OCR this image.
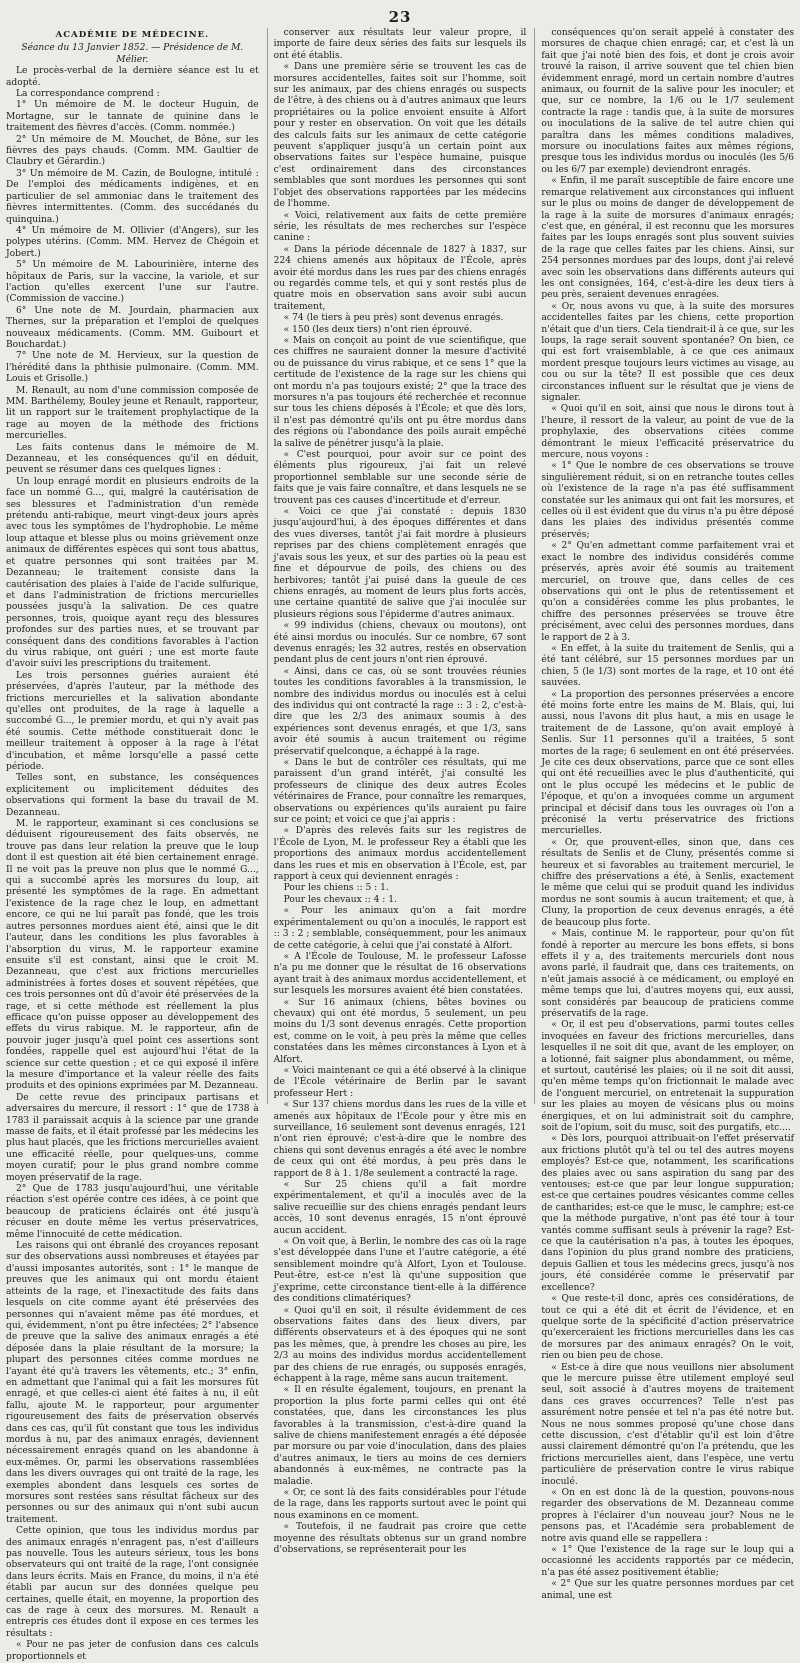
23

ACADÉMIE DE MÉDECINE.

Séance du 13 Janvier 1852. — Présidence de M. Mélier.

Le procès-verbal de la dernière séance est lu et adopté.

La correspondance comprend :

1° Un mémoire de M. le docteur Huguin, de Mortagne, sur le tannate de quinine dans le traitement des fièvres d'accès. (Comm. nommée.)

2° Un mémoire de M. Mouchet, de Bône, sur les fièvres des pays chauds. (Comm. MM. Gaultier de Claubry et Gérardin.)

3° Un mémoire de M. Cazin, de Boulogne, intitulé : De l'emploi des médicaments indigènes, et en particulier de sel ammoniac dans le traitement des fièvres intermittentes. (Comm. des succédanés du quinquina.)

4° Un mémoire de M. Ollivier (d'Angers), sur les polypes utérins. (Comm. MM. Hervez de Chégoin et Jobert.)

5° Un mémoire de M. Labourinière, interne des hôpitaux de Paris, sur la vaccine, la variole, et sur l'action qu'elles exercent l'une sur l'autre. (Commission de vaccine.)

6° Une note de M. Jourdain, pharmacien aux Thernes, sur la préparation et l'emploi de quelques nouveaux médicaments. (Comm. MM. Guibourt et Bouchardat.)

7° Une note de M. Hervieux, sur la question de l'hérédité dans la phthisie pulmonaire. (Comm. MM. Louis et Grisolle.)

M. Renault, au nom d'une commission composée de MM. Barthélemy, Bouley jeune et Renault, rapporteur, lit un rapport sur le traitement prophylactique de la rage au moyen de la méthode des frictions mercurielles.

Les faits contenus dans le mémoire de M. Dezanneau, et les conséquences qu'il en déduit, peuvent se résumer dans ces quelques lignes :

Un loup enragé mordit en plusieurs endroits de la face un nommé G..., qui, malgré la cautérisation de ses blessures et l'administration d'un remède prétendu anti-rabique, meurt vingt-deux jours après avec tous les symptômes de l'hydrophobie. Le même loup attaque et blesse plus ou moins grièvement onze animaux de différentes espèces qui sont tous abattus, et quatre personnes qui sont traitées par M. Dezanneau; le traitement consiste dans la cautérisation des plaies à l'aide de l'acide sulfurique, et dans l'administration de frictions mercurielles poussées jusqu'à la salivation. De ces quatre personnes, trois, quoique ayant reçu des blessures profondes sur des parties nues, et se trouvant par conséquent dans des conditions favorables à l'action du virus rabique, ont guéri ; une est morte faute d'avoir suivi les prescriptions du traitement.

Les trois personnes guéries auraient été préservées, d'après l'auteur, par la méthode des frictions mercurielles et la salivation abondante qu'elles ont produites, de la rage à laquelle a succombé G..., le premier mordu, et qui n'y avait pas été soumis. Cette méthode constituerait donc le meilleur traitement à opposer à la rage à l'état d'incubation, et même lorsqu'elle a passé cette période.

Telles sont, en substance, les conséquences explicitement ou implicitement déduites des observations qui forment la base du travail de M. Dezanneau.

M. le rapporteur, examinant si ces conclusions se déduisent rigoureusement des faits observés, ne trouve pas dans leur relation la preuve que le loup dont il est question ait été bien certainement enragé. Il ne voit pas la preuve non plus que le nommé G..., qui a succombé après les morsures du loup, ait présenté les symptômes de la rage. En admettant l'existence de la rage chez le loup, en admettant encore, ce qui ne lui paraît pas fondé, que les trois autres personnes mordues aient été, ainsi que le dit l'auteur, dans les conditions les plus favorables à l'absorption du virus, M. le rapporteur examine ensuite s'il est constant, ainsi que le croit M. Dezanneau, que c'est aux frictions mercurielles administrées à fortes doses et souvent répétées, que ces trois personnes ont dû d'avoir été préservées de la rage, et si cette méthode est réellement la plus efficace qu'on puisse opposer au développement des effets du virus rabique. M. le rapporteur, afin de pouvoir juger jusqu'à quel point ces assertions sont fondées, rappelle quel est aujourd'hui l'état de la science sur cette question ; et ce qui exposé il infère la mesure d'importance et la valeur réelle des faits produits et des opinions exprimées par M. Dezanneau.

De cette revue des principaux partisans et adversaires du mercure, il ressort : 1° que de 1738 à 1783 il paraissait acquis à la science par une grande masse de faits, et il était professé par les médecins les plus haut placés, que les frictions mercurielles avaient une efficacité réelle, pour quelques-uns, comme moyen curatif; pour le plus grand nombre comme moyen préservatif de la rage.

2° Que de 1783 jusqu'aujourd'hui, une véritable réaction s'est opérée contre ces idées, à ce point que beaucoup de praticiens éclairés ont été jusqu'à récuser en doute même les vertus préservatrices, même l'innocuité de cette médication.

Les raisons qui ont ébranlé des croyances reposant sur des observations aussi nombreuses et étayées par d'aussi imposantes autorités, sont : 1° le manque de preuves que les animaux qui ont mordu étaient atteints de la rage, et l'inexactitude des faits dans lesquels on cite comme ayant été préservées des personnes qui n'avaient même pas été mordues, et qui, évidemment, n'ont pu être infectées; 2° l'absence de preuve que la salive des animaux enragés a été déposée dans la plaie résultant de la morsure; la plupart des personnes citées comme mordues ne l'ayant été qu'à travers les vêtements, etc.; 3° enfin, en admettant que l'animal qui a fait les morsures fût enragé, et que celles-ci aient été faites à nu, il eût fallu, ajoute M. le rapporteur, pour argumenter rigoureusement des faits de préservation observés dans ces cas, qu'il fût constant que tous les individus mordus à nu, par des animaux enragés, deviennent nécessairement enragés quand on les abandonne à eux-mêmes. Or, parmi les observations rassemblées dans les divers ouvrages qui ont traité de la rage, les exemples abondent dans lesquels ces sortes de morsures sont restées sans résultat fâcheux sur des personnes ou sur des animaux qui n'ont subi aucun traitement.

Cette opinion, que tous les individus mordus par des animaux enragés n'enragent pas, n'est d'ailleurs pas nouvelle. Tous les auteurs sérieux, tous les bons observateurs qui ont traité de la rage, l'ont consignée dans leurs écrits. Mais en France, du moins, il n'a été établi par aucun sur des données quelque peu certaines, quelle était, en moyenne, la proportion des cas de rage à ceux des morsures. M. Renault a entrepris ces études dont il expose en ces termes les résultats :

« Pour ne pas jeter de confusion dans ces calculs proportionnels et

conserver aux résultats leur valeur propre, il importe de faire deux séries des faits sur lesquels ils ont été établis.

« Dans une première série se trouvent les cas de morsures accidentelles, faites soit sur l'homme, soit sur les animaux, par des chiens enragés ou suspects de l'être, à des chiens ou à d'autres animaux que leurs propriétaires ou la police envoient ensuite à Alfort pour y rester en observation. On voit que les détails des calculs faits sur les animaux de cette catégorie peuvent s'appliquer jusqu'à un certain point aux observations faites sur l'espèce humaine, puisque c'est ordinairement dans des circonstances semblables que sont mordues les personnes qui sont l'objet des observations rapportées par les médecins de l'homme.

« Voici, relativement aux faits de cette première série, les résultats de mes recherches sur l'espèce canine :

« Dans la période décennale de 1827 à 1837, sur 224 chiens amenés aux hôpitaux de l'École, après avoir été mordus dans les rues par des chiens enragés ou regardés comme tels, et qui y sont restés plus de quatre mois en observation sans avoir subi aucun traitement,

« 74 (le tiers à peu près) sont devenus enragés.

« 150 (les deux tiers) n'ont rien éprouvé.

« Mais on conçoit au point de vue scientifique, que ces chiffres ne sauraient donner la mesure d'activité ou de puissance du virus rabique, et ce sens 1° que la certitude de l'existence de la rage sur les chiens qui ont mordu n'a pas toujours existé; 2° que la trace des morsures n'a pas toujours été recherchée et reconnue sur tous les chiens déposés à l'École; et que dès lors, il n'est pas démontré qu'ils ont pu être mordus dans des régions où l'abondance des poils aurait empêché la salive de pénétrer jusqu'à la plaie.

« C'est pourquoi, pour avoir sur ce point des éléments plus rigoureux, j'ai fait un relevé proportionnel semblable sur une seconde série de faits que je vais faire connaître, et dans lesquels ne se trouvent pas ces causes d'incertitude et d'erreur.

« Voici ce que j'ai constaté : depuis 1830 jusqu'aujourd'hui, à des époques différentes et dans des vues diverses, tantôt j'ai fait mordre à plusieurs reprises par des chiens complètement enragés que j'avais sous les yeux, et sur des parties où la peau est fine et dépourvue de poils, des chiens ou des herbivores; tantôt j'ai puisé dans la gueule de ces chiens enragés, au moment de leurs plus forts accès, une certaine quantité de salive que j'ai inoculée sur plusieurs régions sous l'épiderme d'autres animaux.

« 99 individus (chiens, chevaux ou moutons), ont été ainsi mordus ou inoculés. Sur ce nombre, 67 sont devenus enragés; les 32 autres, restés en observation pendant plus de cent jours n'ont rien éprouvé.

« Ainsi, dans ce cas, où se sont trouvées réunies toutes les conditions favorables à la transmission, le nombre des individus mordus ou inoculés est à celui des individus qui ont contracté la rage :: 3 : 2, c'est-à-dire que les 2/3 des animaux soumis à des expériences sont devenus enragés, et que 1/3, sans avoir été soumis à aucun traitement ou régime préservatif quelconque, a échappé à la rage.

« Dans le but de contrôler ces résultats, qui me paraissent d'un grand intérêt, j'ai consulté les professeurs de clinique des deux autres Écoles vétérinaires de France, pour connaître les remarques, observations ou expériences qu'ils auraient pu faire sur ce point; et voici ce que j'ai appris :

« D'après des relevés faits sur les registres de l'École de Lyon, M. le professeur Rey a établi que les proportions des animaux mordus accidentellement dans les rues et mis en observation à l'École, est, par rapport à ceux qui deviennent enragés :

Pour les chiens :: 5 : 1.

Pour les chevaux :: 4 : 1.

« Pour les animaux qu'on a fait mordre expérimentalement ou qu'on a inoculés, le rapport est :: 3 : 2 ; semblable, conséquemment, pour les animaux de cette catégorie, à celui que j'ai constaté à Alfort.

« A l'École de Toulouse, M. le professeur Lafosse n'a pu me donner que le résultat de 16 observations ayant trait à des animaux mordus accidentellement, et sur lesquels les morsures avaient été bien constatées.

« Sur 16 animaux (chiens, bêtes bovines ou chevaux) qui ont été mordus, 5 seulement, un peu moins du 1/3 sont devenus enragés. Cette proportion est, comme on le voit, à peu près la même que celles constatées dans les mêmes circonstances à Lyon et à Alfort.

« Voici maintenant ce qui a été observé à la clinique de l'École vétérinaire de Berlin par le savant professeur Hert :

« Sur 137 chiens mordus dans les rues de la ville et amenés aux hôpitaux de l'École pour y être mis en surveillance, 16 seulement sont devenus enragés, 121 n'ont rien éprouvé; c'est-à-dire que le nombre des chiens qui sont devenus enragés a été avec le nombre de ceux qui ont été mordus, à peu près dans le rapport de 8 à 1. 1/8e seulement a contracté la rage.

« Sur 25 chiens qu'il a fait mordre expérimentalement, et qu'il a inoculés avec de la salive recueillie sur des chiens enragés pendant leurs accès, 10 sont devenus enragés, 15 n'ont éprouvé aucun accident.

« On voit que, à Berlin, le nombre des cas où la rage s'est développée dans l'une et l'autre catégorie, a été sensiblement moindre qu'à Alfort, Lyon et Toulouse. Peut-être, est-ce n'est là qu'une supposition que j'exprime, cette circonstance tient-elle à la différence des conditions climatériques?

« Quoi qu'il en soit, il résulte évidemment de ces observations faites dans des lieux divers, par différents observateurs et à des époques qui ne sont pas les mêmes, que, à prendre les choses au pire, les 2/3 au moins des individus mordus accidentellement par des chiens de rue enragés, ou supposés enragés, échappent à la rage, même sans aucun traitement.

« Il en résulte également, toujours, en prenant la proportion la plus forte parmi celles qui ont été constatées, que, dans les circonstances les plus favorables à la transmission, c'est-à-dire quand la salive de chiens manifestement enragés a été déposée par morsure ou par voie d'inoculation, dans des plaies d'autres animaux, le tiers au moins de ces derniers abandonnés à eux-mêmes, ne contracte pas la maladie.

« Or, ce sont là des faits considérables pour l'étude de la rage, dans les rapports surtout avec le point qui nous examinons en ce moment.

« Toutefois, il ne faudrait pas croire que cette moyenne des résultats obtenus sur un grand nombre d'observations, se représenterait pour les

conséquences qu'on serait appelé à constater des morsures de chaque chien enragé; car, et c'est là un fait que j'ai noté bien des fois, et dont je crois avoir trouvé la raison, il arrive souvent que tel chien bien évidemment enragé, mord un certain nombre d'autres animaux, ou fournit de la salive pour les inoculer; et que, sur ce nombre, la 1/6 ou le 1/7 seulement contracte la rage : tandis que, à la suite de morsures ou inoculations de la salive de tel autre chien qui paraîtra dans les mêmes conditions maladives, morsure ou inoculations faites aux mêmes régions, presque tous les individus mordus ou inoculés (les 5/6 ou les 6/7 par exemple) deviendront enragés.

« Enfin, il me paraît susceptible de faire encore une remarque relativement aux circonstances qui influent sur le plus ou moins de danger de développement de la rage à la suite de morsures d'animaux enragés; c'est que, en général, il est reconnu que les morsures faites par les loups enragés sont plus souvent suivies de la rage que celles faites par les chiens. Ainsi, sur 254 personnes mordues par des loups, dont j'ai relevé avec soin les observations dans différents auteurs qui les ont consignées, 164, c'est-à-dire les deux tiers à peu près, seraient devenues enragées.

« Or, nous avons vu que, à la suite des morsures accidentelles faites par les chiens, cette proportion n'était que d'un tiers. Cela tiendrait-il à ce que, sur les loups, la rage serait souvent spontanée? On bien, ce qui est fort vraisemblable, à ce que ces animaux mordent presque toujours leurs victimes au visage, au cou ou sur la tête? Il est possible que ces deux circonstances influent sur le résultat que je viens de signaler.

« Quoi qu'il en soit, ainsi que nous le dirons tout à l'heure, il ressort de la valeur, au point de vue de la prophylaxie, des observations citées comme démontrant le mieux l'efficacité préservatrice du mercure, nous voyons :

« 1° Que le nombre de ces observations se trouve singulièrement réduit, si on en retranche toutes celles où l'existence de la rage n'a pas été suffisamment constatée sur les animaux qui ont fait les morsures, et celles où il est évident que du virus n'a pu être déposé dans les plaies des individus présentés comme préservés;

« 2° Qu'en admettant comme parfaitement vrai et exact le nombre des individus considérés comme préservés, après avoir été soumis au traitement mercuriel, on trouve que, dans celles de ces observations qui ont le plus de retentissement et qu'on a considérées comme les plus probantes, le chiffre des personnes préservées se trouve être précisément, avec celui des personnes mordues, dans le rapport de 2 à 3.

« En effet, à la suite du traitement de Senlis, qui a été tant célébré, sur 15 personnes mordues par un chien, 5 (le 1/3) sont mortes de la rage, et 10 ont été sauvées.

« La proportion des personnes préservées a encore été moins forte entre les mains de M. Blais, qui, lui aussi, nous l'avons dit plus haut, a mis en usage le traitement de de Lassone, qu'on avait employé à Senlis. Sur 11 personnes qu'il a traitées, 5 sont mortes de la rage; 6 seulement en ont été préservées. Je cite ces deux observations, parce que ce sont elles qui ont été recueillies avec le plus d'authenticité, qui ont le plus occupé les médecins et le public de l'époque, et qu'on a invoquées comme un argument principal et décisif dans tous les ouvrages où l'on a préconisé la vertu préservatrice des frictions mercurielles.

« Or, que prouvent-elles, sinon que, dans ces résultats de Senlis et de Cluny, présentés comme si heureux et si favorables au traitement mercuriel, le chiffre des préservations a été, à Senlis, exactement le même que celui qui se produit quand les individus mordus ne sont soumis à aucun traitement; et que, à Cluny, la proportion de ceux devenus enragés, a été de beaucoup plus forte.

« Mais, continue M. le rapporteur, pour qu'on fût fondé à reporter au mercure les bons effets, si bons effets il y a, des traitements mercuriels dont nous avons parlé, il faudrait que, dans ces traitements, on n'eût jamais associé à ce médicament, ou employé en même temps que lui, d'autres moyens qui, eux aussi, sont considérés par beaucoup de praticiens comme préservatifs de la rage.

« Or, il est peu d'observations, parmi toutes celles invoquées en faveur des frictions mercurielles, dans lesquelles il ne soit dit que, avant de les employer, on a lotionné, fait saigner plus abondamment, ou même, et surtout, cautérisé les plaies; où il ne soit dit aussi, qu'en même temps qu'on frictionnait le malade avec de l'onguent mercuriel, on entretenait la suppuration sur les plaies au moyen de vésicans plus ou moins énergiques, et on lui administrait soit du camphre, soit de l'opium, soit du musc, soit des purgatifs, etc....

« Dès lors, pourquoi attribuait-on l'effet préservatif aux frictions plutôt qu'à tel ou tel des autres moyens employés? Est-ce que, notamment, les scarifications des plaies avec ou sans aspiration du sang par des ventouses; est-ce que par leur longue suppuration; est-ce que certaines poudres vésicantes comme celles de cantharides; est-ce que le musc, le camphre; est-ce que la méthode purgative, n'ont pas été tour à tour vantés comme suffisant seuls à prévenir la rage? Est-ce que la cautérisation n'a pas, à toutes les époques, dans l'opinion du plus grand nombre des praticiens, depuis Gallien et tous les médecins grecs, jusqu'à nos jours, été considérée comme le préservatif par excellence?

« Que reste-t-il donc, après ces considérations, de tout ce qui a été dit et écrit de l'évidence, et en quelque sorte de la spécificité d'action préservatrice qu'exerceraient les frictions mercurielles dans les cas de morsures par des animaux enragés? On le voit, rien ou bien peu de chose.

« Est-ce à dire que nous veuillons nier absolument que le mercure puisse être utilement employé seul seul, soit associé à d'autres moyens de traitement dans ces graves occurrences? Telle n'est pas assurément notre pensée et tel n'a pas été notre but. Nous ne nous sommes proposé qu'une chose dans cette discussion, c'est d'établir qu'il est loin d'être aussi clairement démontré qu'on l'a prétendu, que les frictions mercurielles aient, dans l'espèce, une vertu particulière de préservation contre le virus rabique inoculé.

« On en est donc là de la question, pouvons-nous regarder des observations de M. Dezanneau comme propres à l'éclairer d'un nouveau jour? Nous ne le pensons pas, et l'Académie sera probablement de notre avis quand elle se rappellera :

« 1° Que l'existence de la rage sur le loup qui a occasionné les accidents rapportés par ce médecin, n'a pas été assez positivement établie;

« 2° Que sur les quatre personnes mordues par cet animal, une est
